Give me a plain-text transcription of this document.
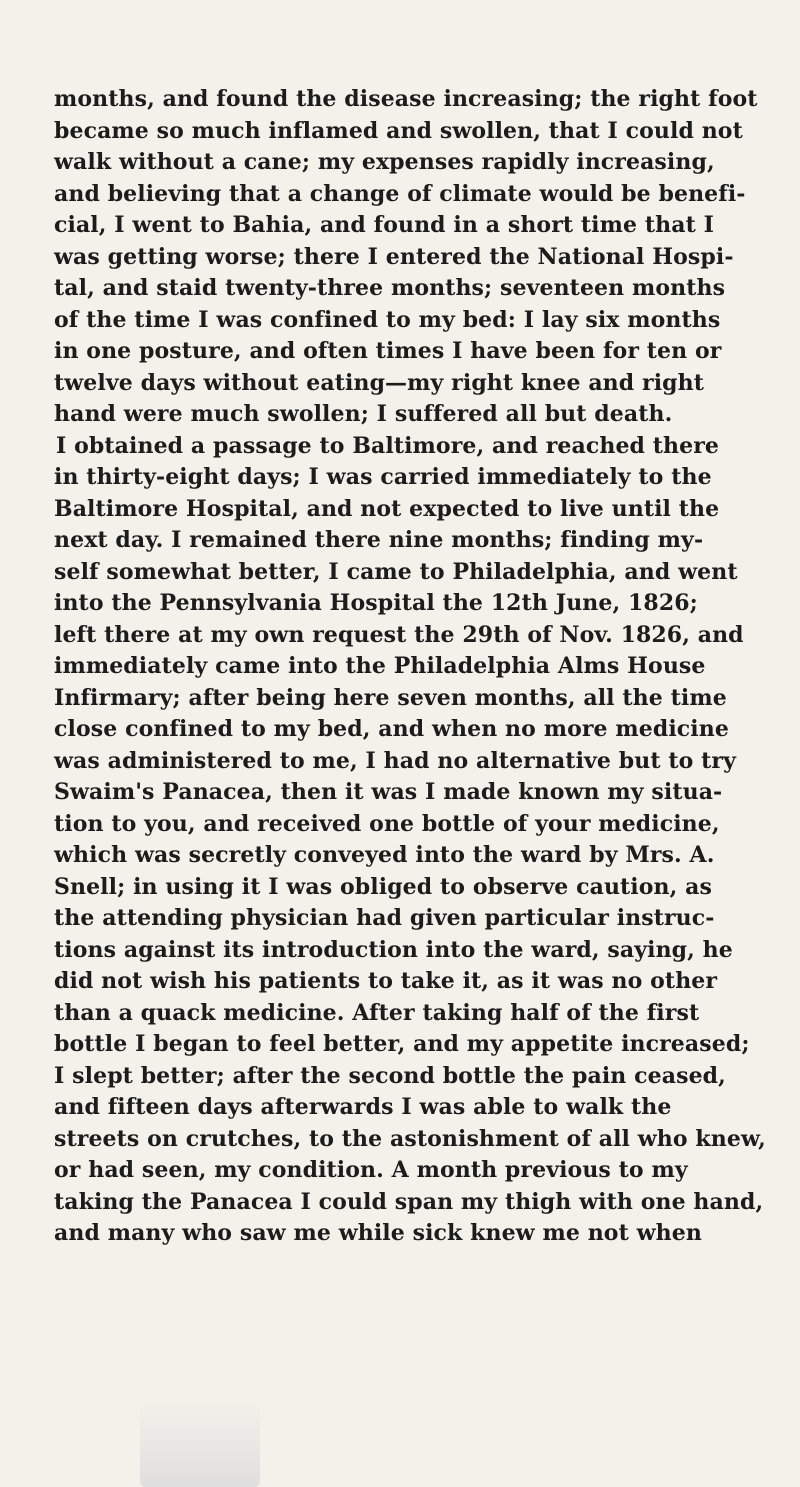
months, and found the disease increasing; the right foot
became so much inflamed and swollen, that I could not
walk without a cane; my expenses rapidly increasing,
and believing that a change of climate would be benefi-
cial, I went to Bahia, and found in a short time that I
was getting worse; there I entered the National Hospi-
tal, and staid twenty-three months; seventeen months
of the time I was confined to my bed: I lay six months
in one posture, and often times I have been for ten or
twelve days without eating—my right knee and right
hand were much swollen; I suffered all but death.
I obtained a passage to Baltimore, and reached there
in thirty-eight days; I was carried immediately to the
Baltimore Hospital, and not expected to live until the
next day. I remained there nine months; finding my-
self somewhat better, I came to Philadelphia, and went
into the Pennsylvania Hospital the 12th June, 1826;
left there at my own request the 29th of Nov. 1826, and
immediately came into the Philadelphia Alms House
Infirmary; after being here seven months, all the time
close confined to my bed, and when no more medicine
was administered to me, I had no alternative but to try
Swaim's Panacea, then it was I made known my situa-
tion to you, and received one bottle of your medicine,
which was secretly conveyed into the ward by Mrs. A.
Snell; in using it I was obliged to observe caution, as
the attending physician had given particular instruc-
tions against its introduction into the ward, saying, he
did not wish his patients to take it, as it was no other
than a quack medicine. After taking half of the first
bottle I began to feel better, and my appetite increased;
I slept better; after the second bottle the pain ceased,
and fifteen days afterwards I was able to walk the
streets on crutches, to the astonishment of all who knew,
or had seen, my condition. A month previous to my
taking the Panacea I could span my thigh with one hand,
and many who saw me while sick knew me not when
